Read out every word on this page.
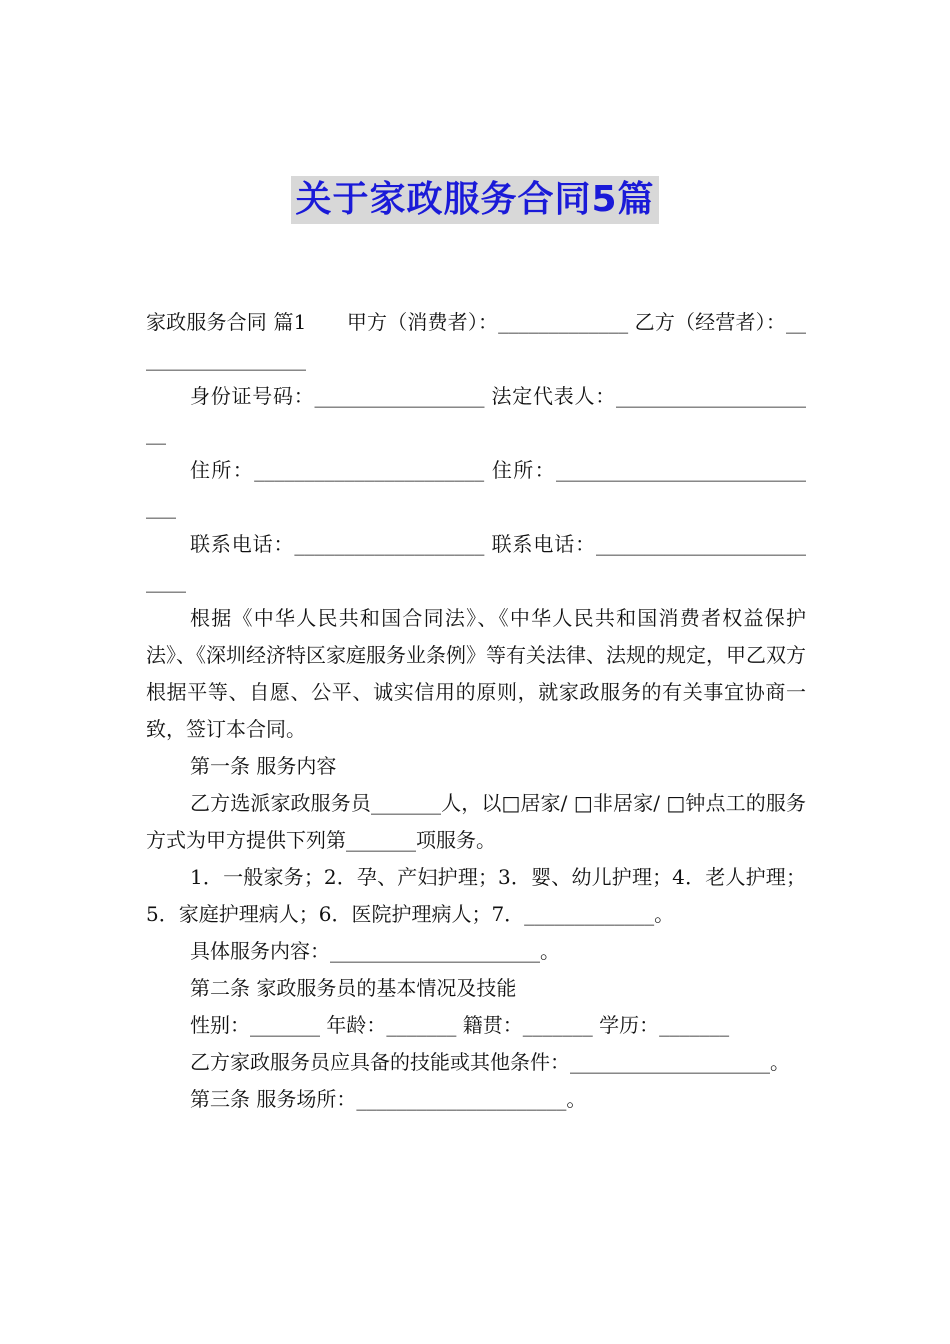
关于家政服务合同5篇

家政服务合同 篇1　　甲方（消费者）：_____________ 乙方（经营者）：__________________

身份证号码：_________________ 法定代表人：_____________________

住所：_______________________ 住所：____________________________

联系电话：___________________ 联系电话：_________________________

根据《中华人民共和国合同法》、《中华人民共和国消费者权益保护法》、《深圳经济特区家庭服务业条例》等有关法律、法规的规定，甲乙双方根据平等、自愿、公平、诚实信用的原则，就家政服务的有关事宜协商一致，签订本合同。

第一条 服务内容

乙方选派家政服务员_______人，以□居家/ □非居家/ □钟点工的服务方式为甲方提供下列第_______项服务。

1．一般家务；2．孕、产妇护理；3．婴、幼儿护理；4．老人护理；5．家庭护理病人；6．医院护理病人；7．_____________。

具体服务内容：_____________________。

第二条 家政服务员的基本情况及技能

性别：_______ 年龄：_______ 籍贯：_______ 学历：_______

乙方家政服务员应具备的技能或其他条件：____________________。

第三条 服务场所：_____________________。
